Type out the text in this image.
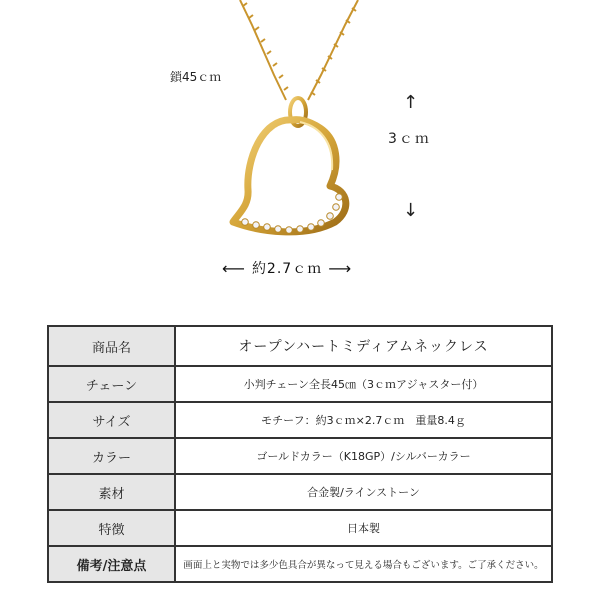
鎖45ｃｍ
↑
3ｃｍ
↓
⟵ 約2.7ｃｍ ⟶
商品名	オープンハートミディアムネックレス
チェーン	小判チェーン全長45㎝（3ｃｍアジャスター付）
サイズ	モチーフ：約3ｃｍ×2.7ｃｍ　重量8.4ｇ
カラー	ゴールドカラー（K18GP）/シルバーカラー
素材	合金製/ラインストーン
特徴	日本製
備考/注意点	画面上と実物では多少色具合が異なって見える場合もございます。ご了承ください。
